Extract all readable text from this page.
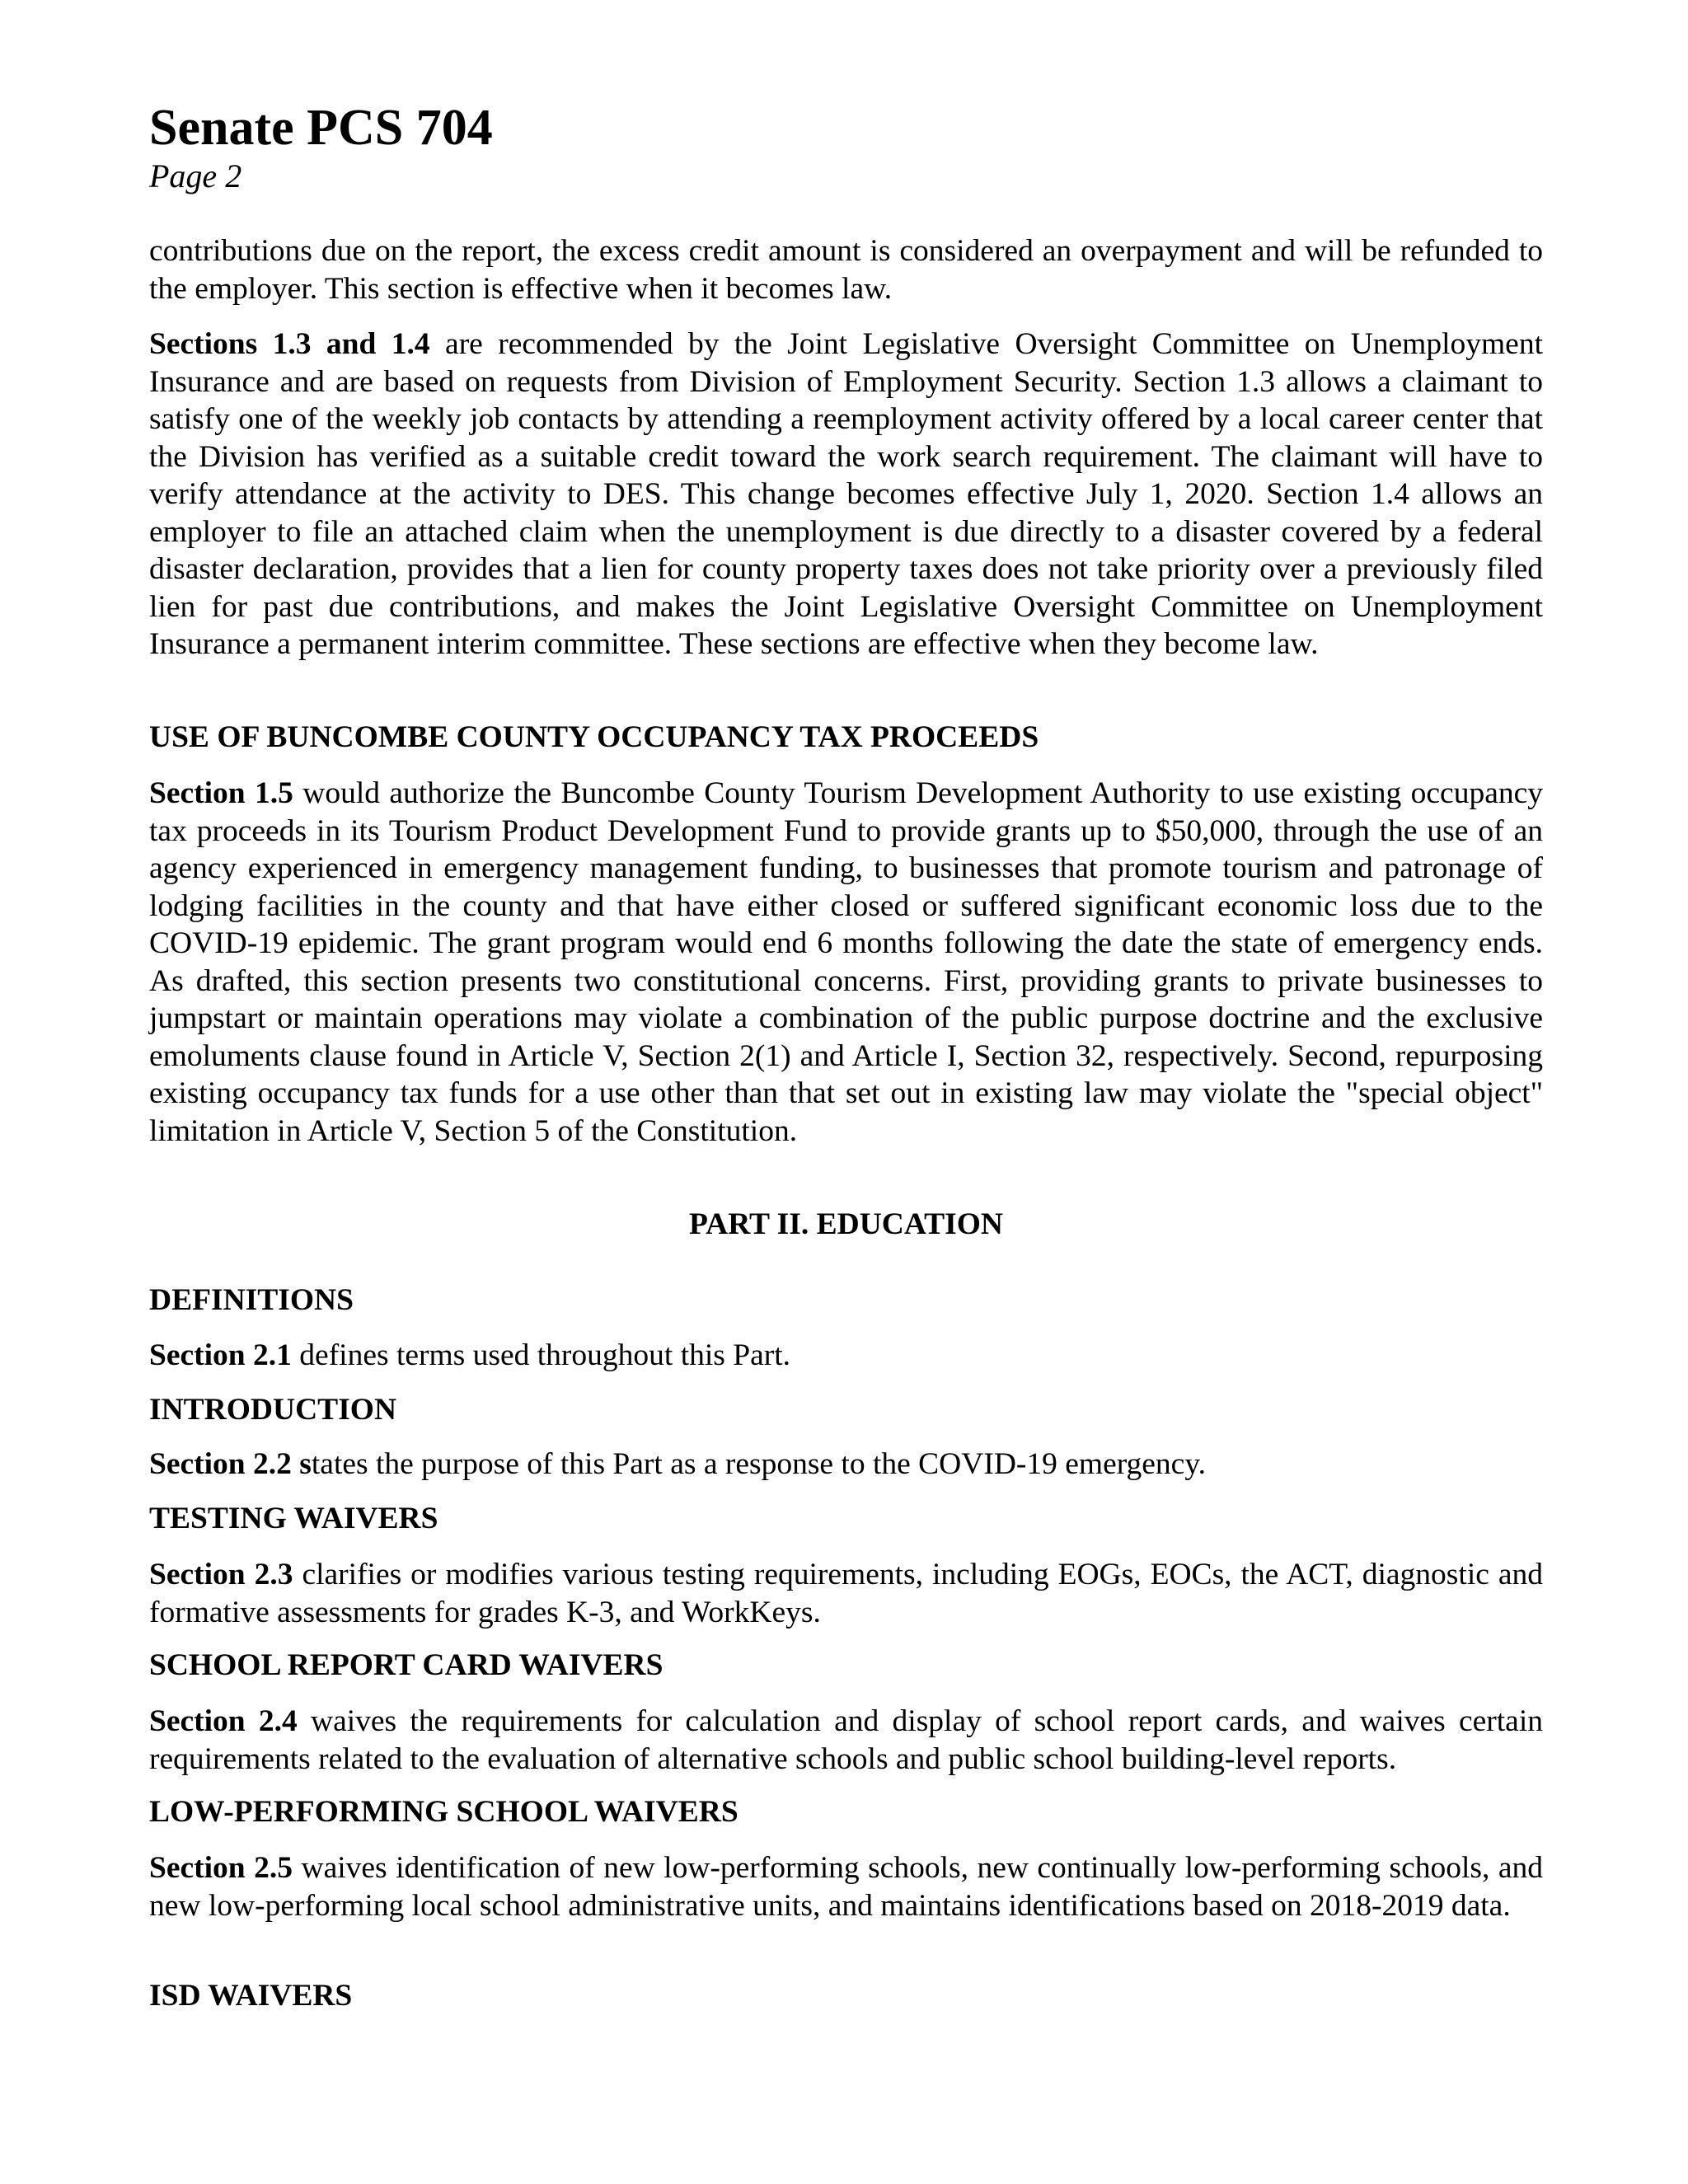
Senate PCS 704
Page 2

contributions due on the report, the excess credit amount is considered an overpayment and will be refunded to the employer. This section is effective when it becomes law.

Sections 1.3 and 1.4 are recommended by the Joint Legislative Oversight Committee on Unemployment Insurance and are based on requests from Division of Employment Security. Section 1.3 allows a claimant to satisfy one of the weekly job contacts by attending a reemployment activity offered by a local career center that the Division has verified as a suitable credit toward the work search requirement. The claimant will have to verify attendance at the activity to DES. This change becomes effective July 1, 2020. Section 1.4 allows an employer to file an attached claim when the unemployment is due directly to a disaster covered by a federal disaster declaration, provides that a lien for county property taxes does not take priority over a previously filed lien for past due contributions, and makes the Joint Legislative Oversight Committee on Unemployment Insurance a permanent interim committee. These sections are effective when they become law.

USE OF BUNCOMBE COUNTY OCCUPANCY TAX PROCEEDS

Section 1.5 would authorize the Buncombe County Tourism Development Authority to use existing occupancy tax proceeds in its Tourism Product Development Fund to provide grants up to $50,000, through the use of an agency experienced in emergency management funding, to businesses that promote tourism and patronage of lodging facilities in the county and that have either closed or suffered significant economic loss due to the COVID-19 epidemic. The grant program would end 6 months following the date the state of emergency ends. As drafted, this section presents two constitutional concerns. First, providing grants to private businesses to jumpstart or maintain operations may violate a combination of the public purpose doctrine and the exclusive emoluments clause found in Article V, Section 2(1) and Article I, Section 32, respectively. Second, repurposing existing occupancy tax funds for a use other than that set out in existing law may violate the "special object" limitation in Article V, Section 5 of the Constitution.

PART II. EDUCATION
DEFINITIONS

Section 2.1 defines terms used throughout this Part.

INTRODUCTION

Section 2.2 states the purpose of this Part as a response to the COVID-19 emergency.

TESTING WAIVERS

Section 2.3 clarifies or modifies various testing requirements, including EOGs, EOCs, the ACT, diagnostic and formative assessments for grades K-3, and WorkKeys.

SCHOOL REPORT CARD WAIVERS

Section 2.4 waives the requirements for calculation and display of school report cards, and waives certain requirements related to the evaluation of alternative schools and public school building-level reports.

LOW-PERFORMING SCHOOL WAIVERS

Section 2.5 waives identification of new low-performing schools, new continually low-performing schools, and new low-performing local school administrative units, and maintains identifications based on 2018-2019 data.

ISD WAIVERS
